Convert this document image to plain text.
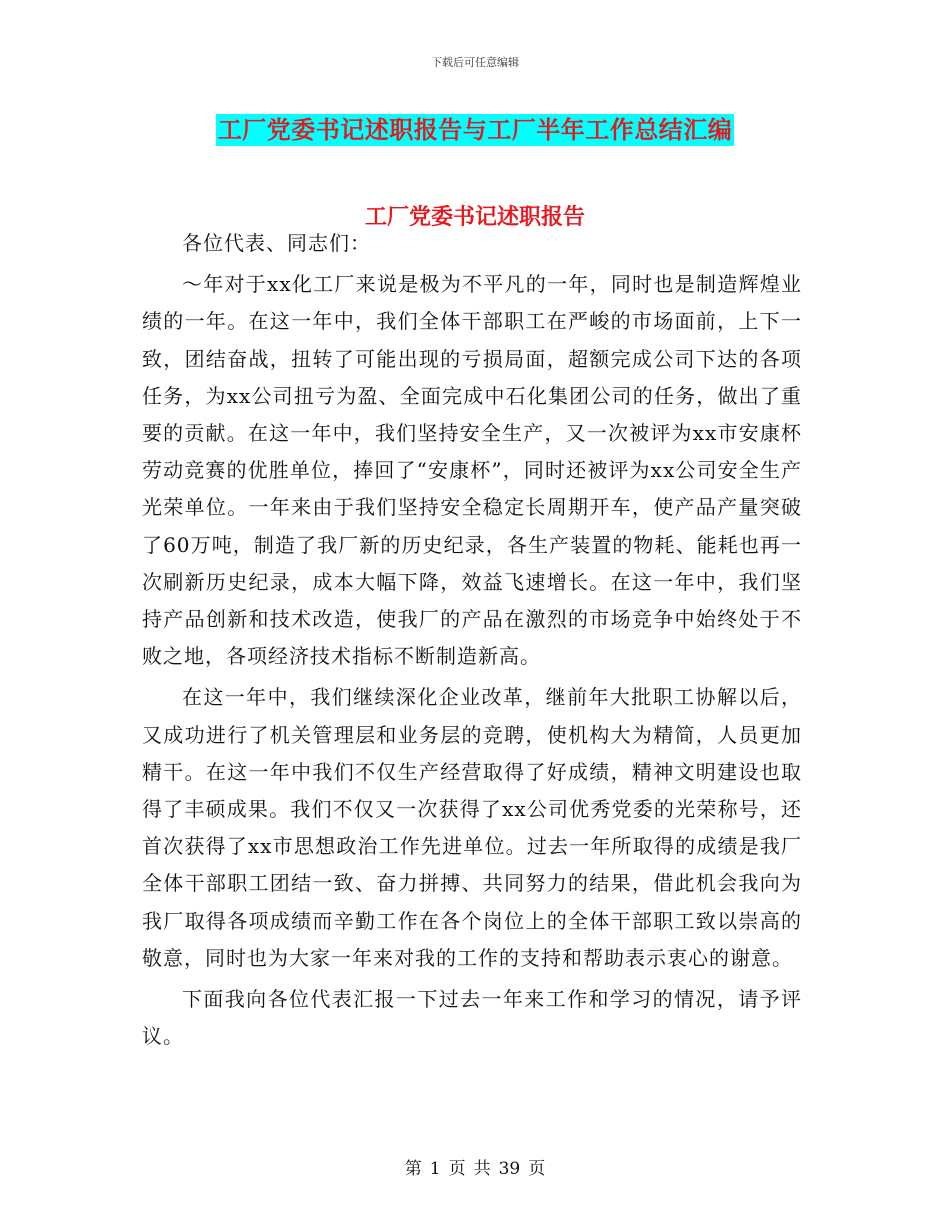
下载后可任意编辑
工厂党委书记述职报告与工厂半年工作总结汇编
工厂党委书记述职报告

各位代表、同志们：

～年对于xx化工厂来说是极为不平凡的一年，同时也是制造辉煌业绩的一年。在这一年中，我们全体干部职工在严峻的市场面前，上下一致，团结奋战，扭转了可能出现的亏损局面，超额完成公司下达的各项任务，为xx公司扭亏为盈、全面完成中石化集团公司的任务，做出了重要的贡献。在这一年中，我们坚持安全生产，又一次被评为xx市安康杯劳动竞赛的优胜单位，捧回了“安康杯”，同时还被评为xx公司安全生产光荣单位。一年来由于我们坚持安全稳定长周期开车，使产品产量突破了60万吨，制造了我厂新的历史纪录，各生产装置的物耗、能耗也再一次刷新历史纪录，成本大幅下降，效益飞速增长。在这一年中，我们坚持产品创新和技术改造，使我厂的产品在激烈的市场竞争中始终处于不败之地，各项经济技术指标不断制造新高。

在这一年中，我们继续深化企业改革，继前年大批职工协解以后，又成功进行了机关管理层和业务层的竞聘，使机构大为精简，人员更加精干。在这一年中我们不仅生产经营取得了好成绩，精神文明建设也取得了丰硕成果。我们不仅又一次获得了xx公司优秀党委的光荣称号，还首次获得了xx市思想政治工作先进单位。过去一年所取得的成绩是我厂全体干部职工团结一致、奋力拼搏、共同努力的结果，借此机会我向为我厂取得各项成绩而辛勤工作在各个岗位上的全体干部职工致以崇高的敬意，同时也为大家一年来对我的工作的支持和帮助表示衷心的谢意。

下面我向各位代表汇报一下过去一年来工作和学习的情况，请予评议。

第 1 页 共 39 页
